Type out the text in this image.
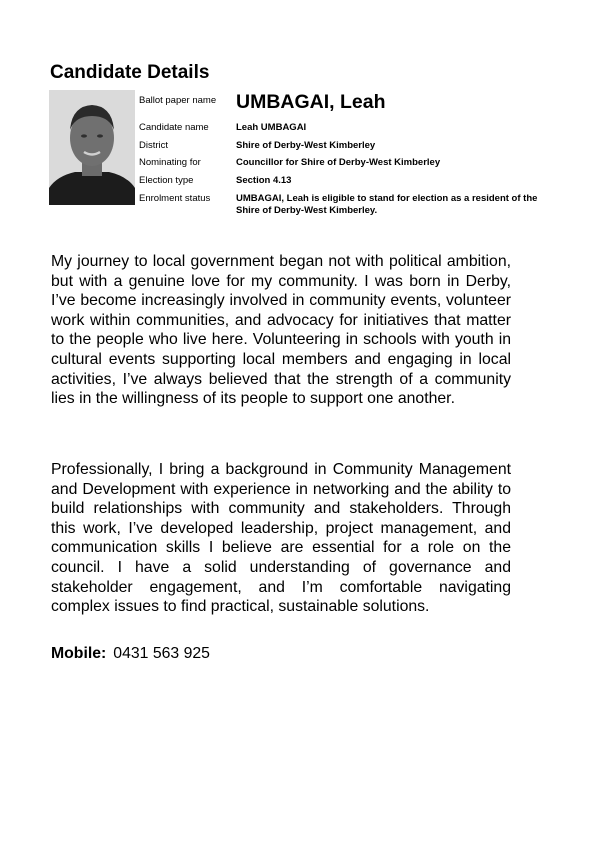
Candidate Details
Ballot paper name UMBAGAI, Leah
Candidate name	Leah UMBAGAI
District	Shire of Derby-West Kimberley
Nominating for	Councillor for Shire of Derby-West Kimberley
Election type	Section 4.13
Enrolment status	UMBAGAI, Leah is eligible to stand for election as a resident of the Shire of Derby-West Kimberley.

My journey to local government began not with political ambition, but with a genuine love for my community. I was born in Derby, I’ve become increasingly involved in community events, volunteer work within communities, and advocacy for initiatives that matter to the people who live here. Volunteering in schools with youth in cultural events supporting local members and engaging in local activities, I’ve always believed that the strength of a community lies in the willingness of its people to support one another.

Professionally, I bring a background in Community Management and Development with experience in networking and the ability to build relationships with community and stakeholders. Through this work, I’ve developed leadership, project management, and communication skills I believe are essential for a role on the council. I have a solid understanding of governance and stakeholder engagement, and I’m comfortable navigating complex issues to find practical, sustainable solutions.

Mobile: 0431 563 925
